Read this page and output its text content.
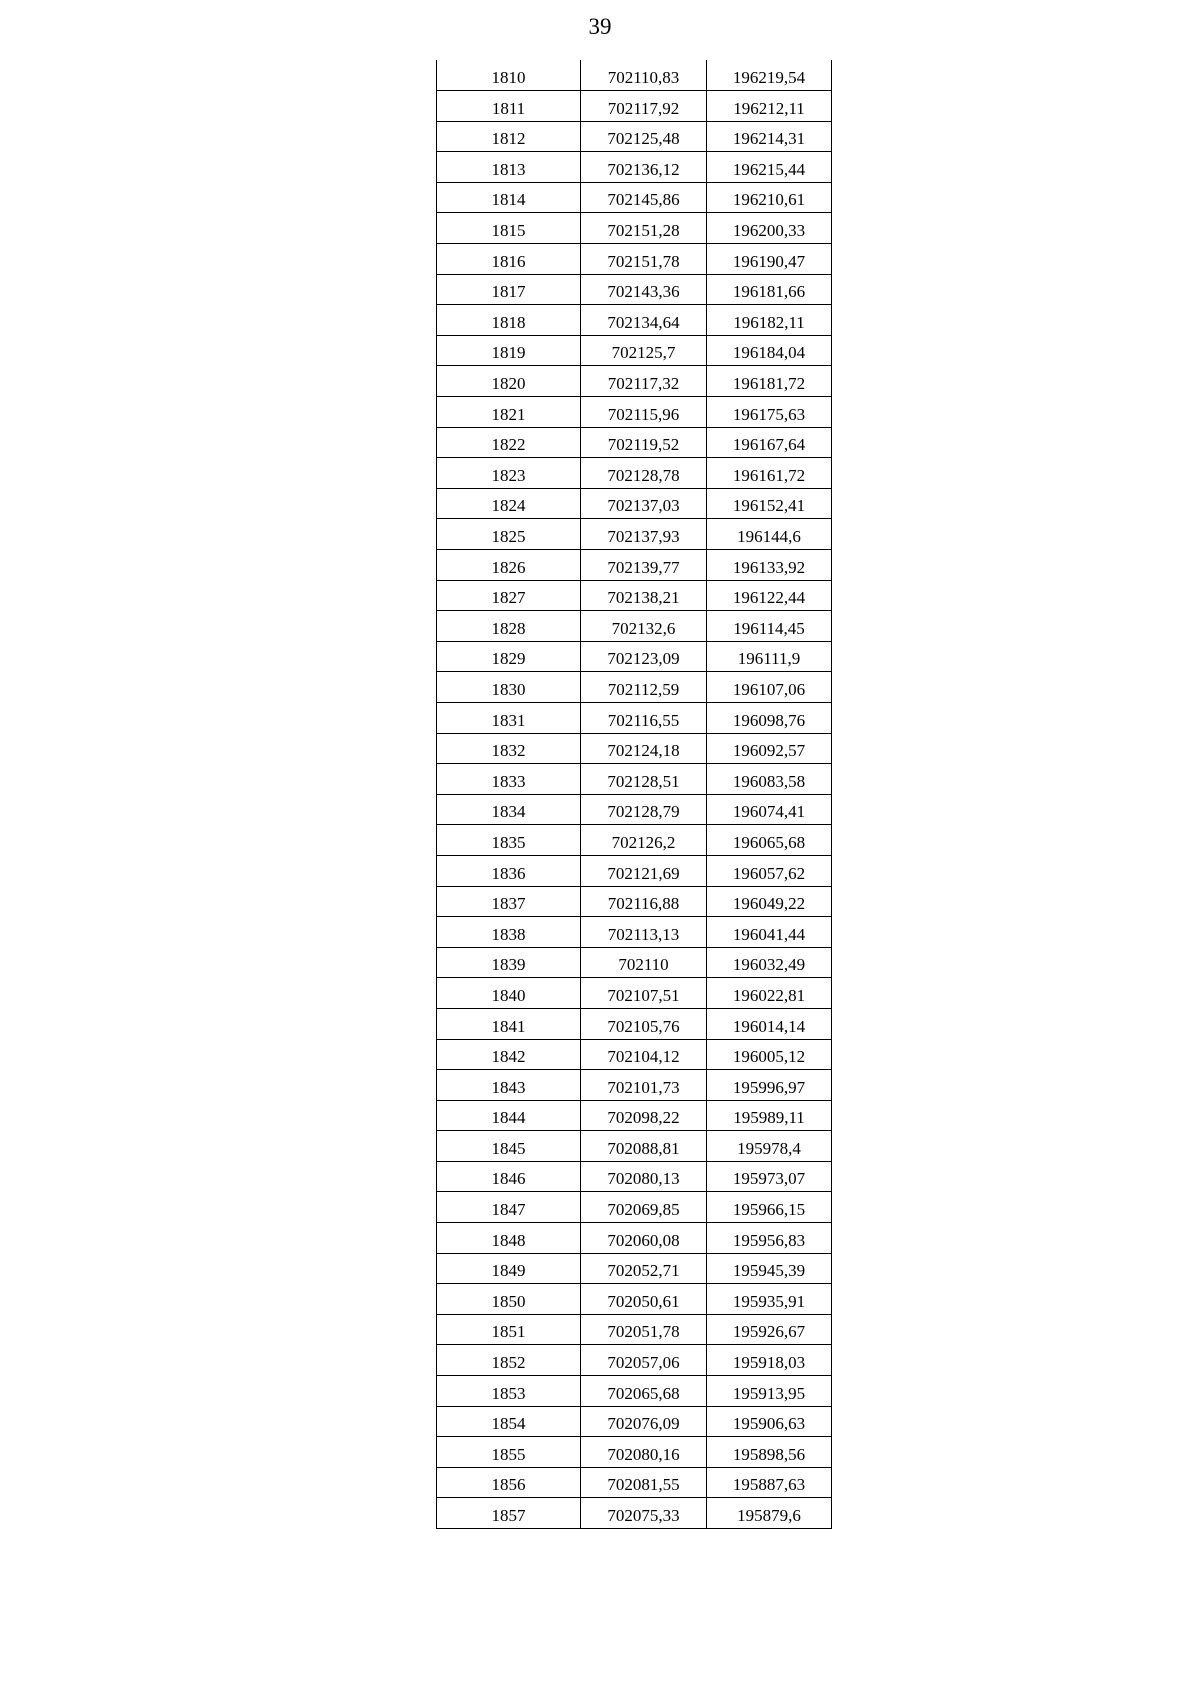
39
1810	702110,83	196219,54
1811	702117,92	196212,11
1812	702125,48	196214,31
1813	702136,12	196215,44
1814	702145,86	196210,61
1815	702151,28	196200,33
1816	702151,78	196190,47
1817	702143,36	196181,66
1818	702134,64	196182,11
1819	702125,7	196184,04
1820	702117,32	196181,72
1821	702115,96	196175,63
1822	702119,52	196167,64
1823	702128,78	196161,72
1824	702137,03	196152,41
1825	702137,93	196144,6
1826	702139,77	196133,92
1827	702138,21	196122,44
1828	702132,6	196114,45
1829	702123,09	196111,9
1830	702112,59	196107,06
1831	702116,55	196098,76
1832	702124,18	196092,57
1833	702128,51	196083,58
1834	702128,79	196074,41
1835	702126,2	196065,68
1836	702121,69	196057,62
1837	702116,88	196049,22
1838	702113,13	196041,44
1839	702110	196032,49
1840	702107,51	196022,81
1841	702105,76	196014,14
1842	702104,12	196005,12
1843	702101,73	195996,97
1844	702098,22	195989,11
1845	702088,81	195978,4
1846	702080,13	195973,07
1847	702069,85	195966,15
1848	702060,08	195956,83
1849	702052,71	195945,39
1850	702050,61	195935,91
1851	702051,78	195926,67
1852	702057,06	195918,03
1853	702065,68	195913,95
1854	702076,09	195906,63
1855	702080,16	195898,56
1856	702081,55	195887,63
1857	702075,33	195879,6
